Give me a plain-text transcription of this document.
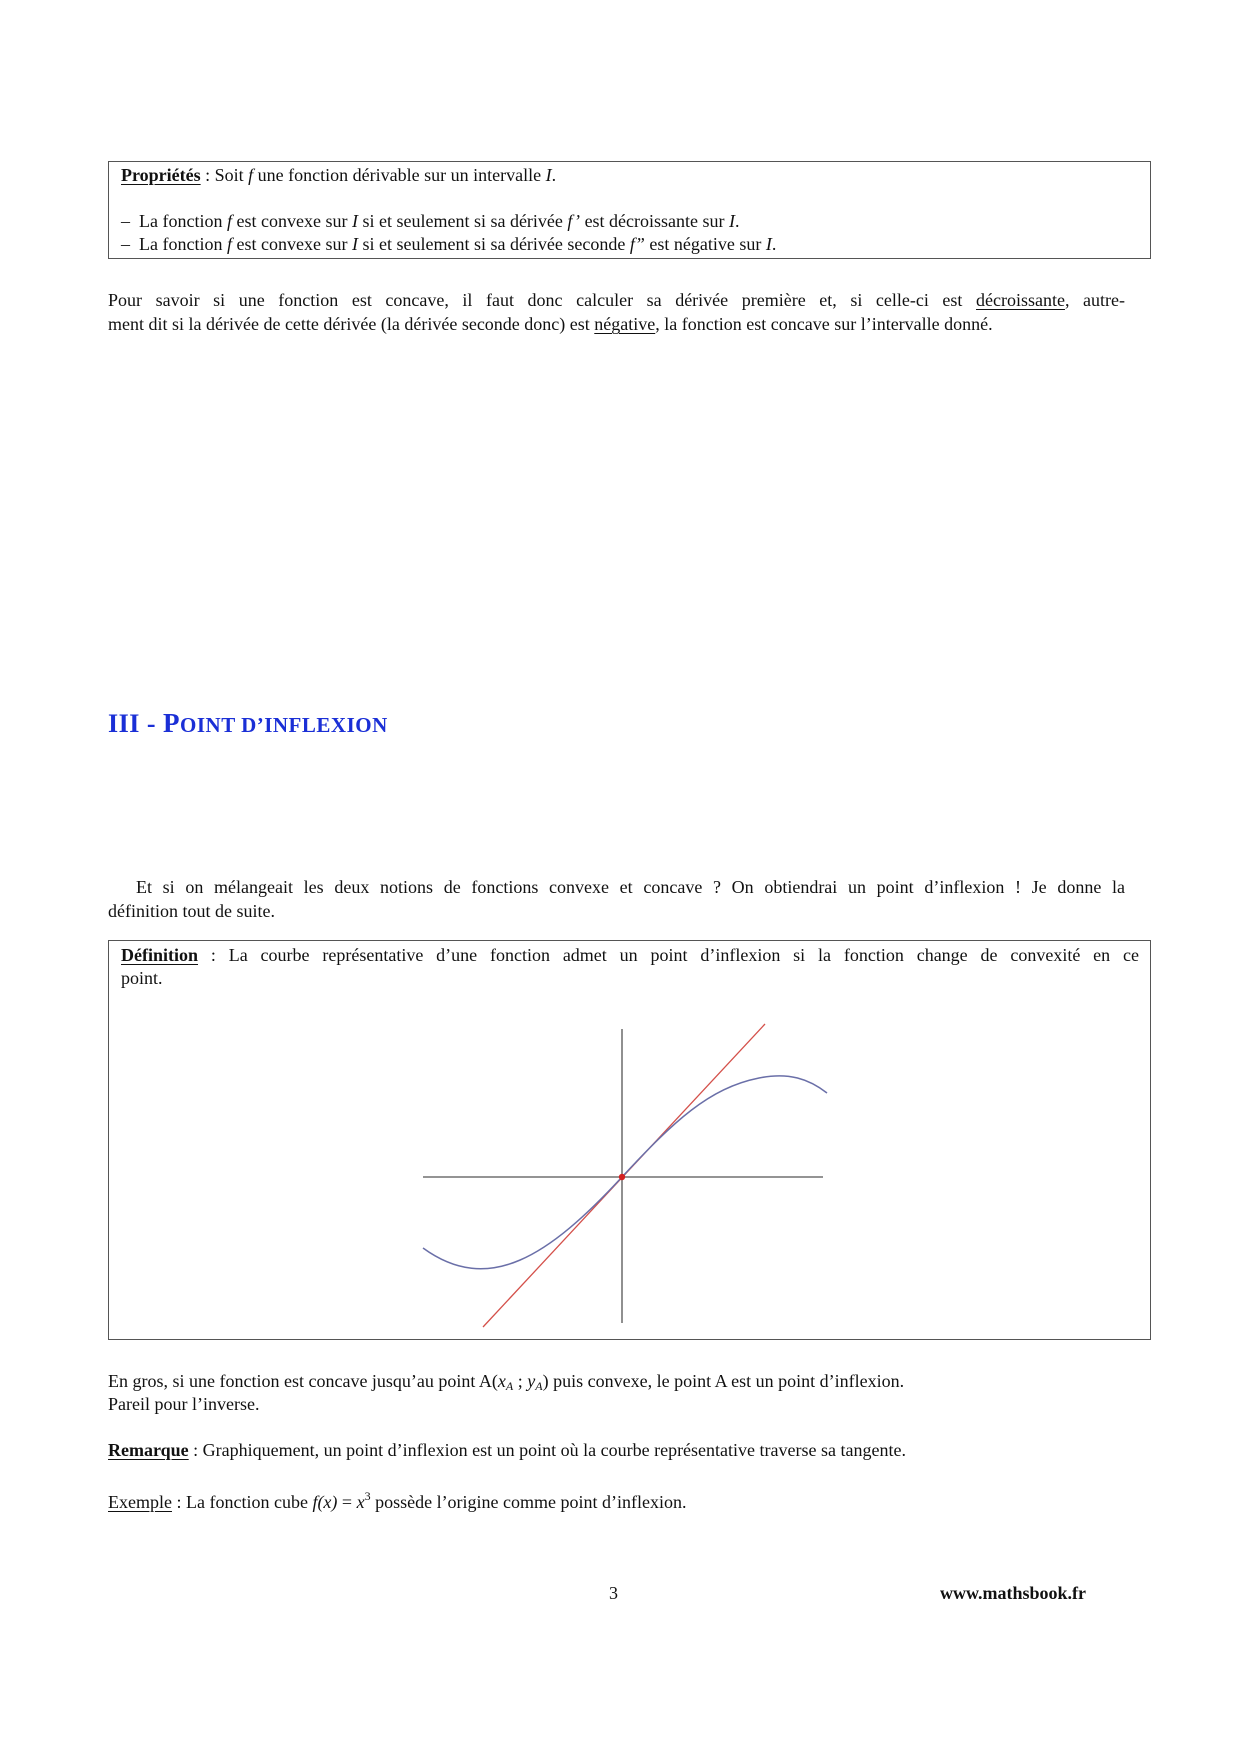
Propriétés : Soit f une fonction dérivable sur un intervalle I.
– La fonction f est convexe sur I si et seulement si sa dérivée f’ est décroissante sur I.
– La fonction f est convexe sur I si et seulement si sa dérivée seconde f” est négative sur I.
Pour savoir si une fonction est concave, il faut donc calculer sa dérivée première et, si celle-ci est décroissante, autre-
ment dit si la dérivée de cette dérivée (la dérivée seconde donc) est négative, la fonction est concave sur l’intervalle donné.
III - POINT D’INFLEXION
Et si on mélangeait les deux notions de fonctions convexe et concave ? On obtiendrai un point d’inflexion ! Je donne la
définition tout de suite.
Définition : La courbe représentative d’une fonction admet un point d’inflexion si la fonction change de convexité en ce
point.
En gros, si une fonction est concave jusqu’au point $A(x_A$ ; $y_A$) puis convexe, le point A est un point d’inflexion.
Pareil pour l’inverse.
Remarque : Graphiquement, un point d’inflexion est un point où la courbe représentative traverse sa tangente.
Exemple : La fonction cube $f(x) = x^3$ possède l’origine comme point d’inflexion.
3	www.mathsbook.fr
